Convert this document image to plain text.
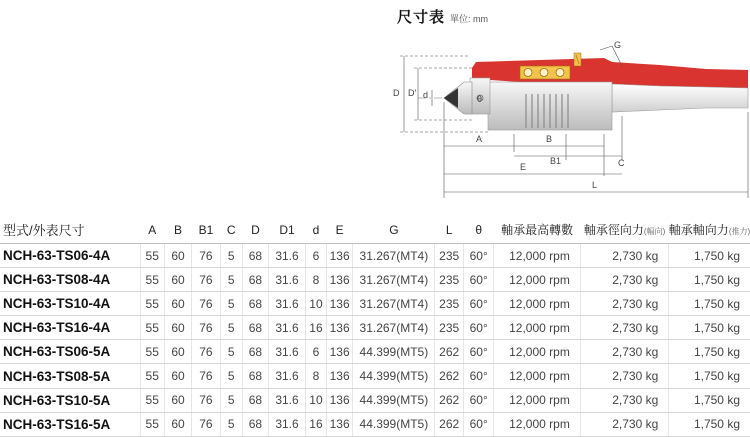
尺寸表 單位: mm
G
D D' d	θ
A	B
B1	C
E
L
型式/外表尺寸	A	B	B1	C	D	D1	d	E	G	L	θ	軸承最高轉數	軸承徑向力(幅向)	軸承軸向力(推力)
NCH-63-TS06-4A	55	60	76	5	68	31.6	6	136	31.267(MT4)	235	60°	12,000 rpm	2,730 kg	1,750 kg
NCH-63-TS08-4A	55	60	76	5	68	31.6	8	136	31.267(MT4)	235	60°	12,000 rpm	2,730 kg	1,750 kg
NCH-63-TS10-4A	55	60	76	5	68	31.6	10	136	31.267(MT4)	235	60°	12,000 rpm	2,730 kg	1,750 kg
NCH-63-TS16-4A	55	60	76	5	68	31.6	16	136	31.267(MT4)	235	60°	12,000 rpm	2,730 kg	1,750 kg
NCH-63-TS06-5A	55	60	76	5	68	31.6	6	136	44.399(MT5)	262	60°	12,000 rpm	2,730 kg	1,750 kg
NCH-63-TS08-5A	55	60	76	5	68	31.6	8	136	44.399(MT5)	262	60°	12,000 rpm	2,730 kg	1,750 kg
NCH-63-TS10-5A	55	60	76	5	68	31.6	10	136	44.399(MT5)	262	60°	12,000 rpm	2,730 kg	1,750 kg
NCH-63-TS16-5A	55	60	76	5	68	31.6	16	136	44.399(MT5)	262	60°	12,000 rpm	2,730 kg	1,750 kg
